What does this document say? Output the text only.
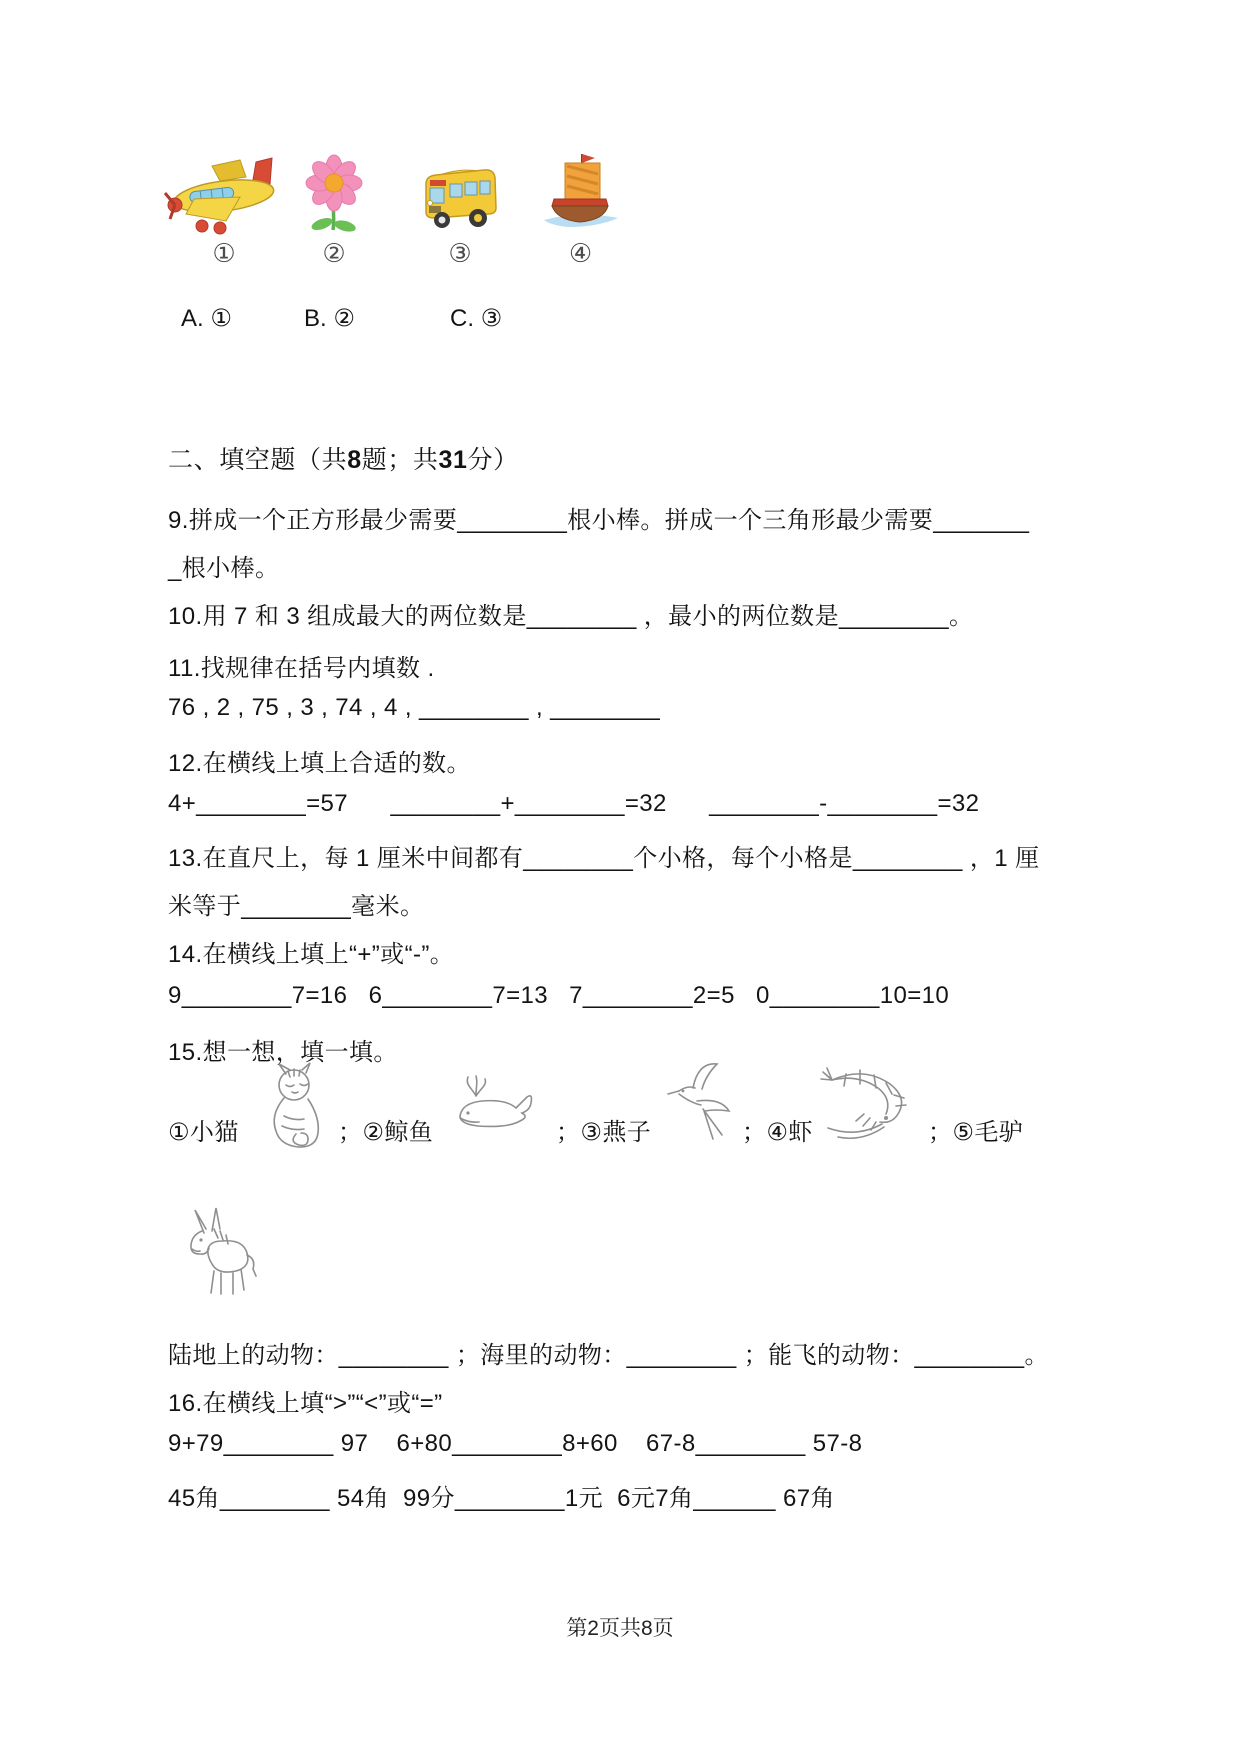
①	②	③	④
A. ①	B. ②	C. ③
二、填空题（共8题；共31分）
9.拼成一个正方形最少需要________根小棒。拼成一个三角形最少需要_______
_根小棒。
10.用 7 和 3 组成最大的两位数是________ ，最小的两位数是________。
11.找规律在括号内填数 .
76 , 2 , 75 , 3 , 74 , 4 , ________ , ________
12.在横线上填上合适的数。
4+________=57      ________+________=32      ________-________=32
13.在直尺上，每 1 厘米中间都有________个小格，每个小格是________ ，1 厘
米等于________毫米。
14.在横线上填上“+”或“-”。
9________7=16   6________7=13   7________2=5   0________10=10
15.想一想，填一填。
①小猫	；②鲸鱼	；③燕子	；④虾	；⑤毛驴
陆地上的动物：________ ；海里的动物：________ ；能飞的动物：________。
16.在横线上填“>”“<”或“=”
9+79________ 97    6+80________8+60    67-8________ 57-8
45角________ 54角  99分________1元  6元7角______ 67角
第2页共8页
